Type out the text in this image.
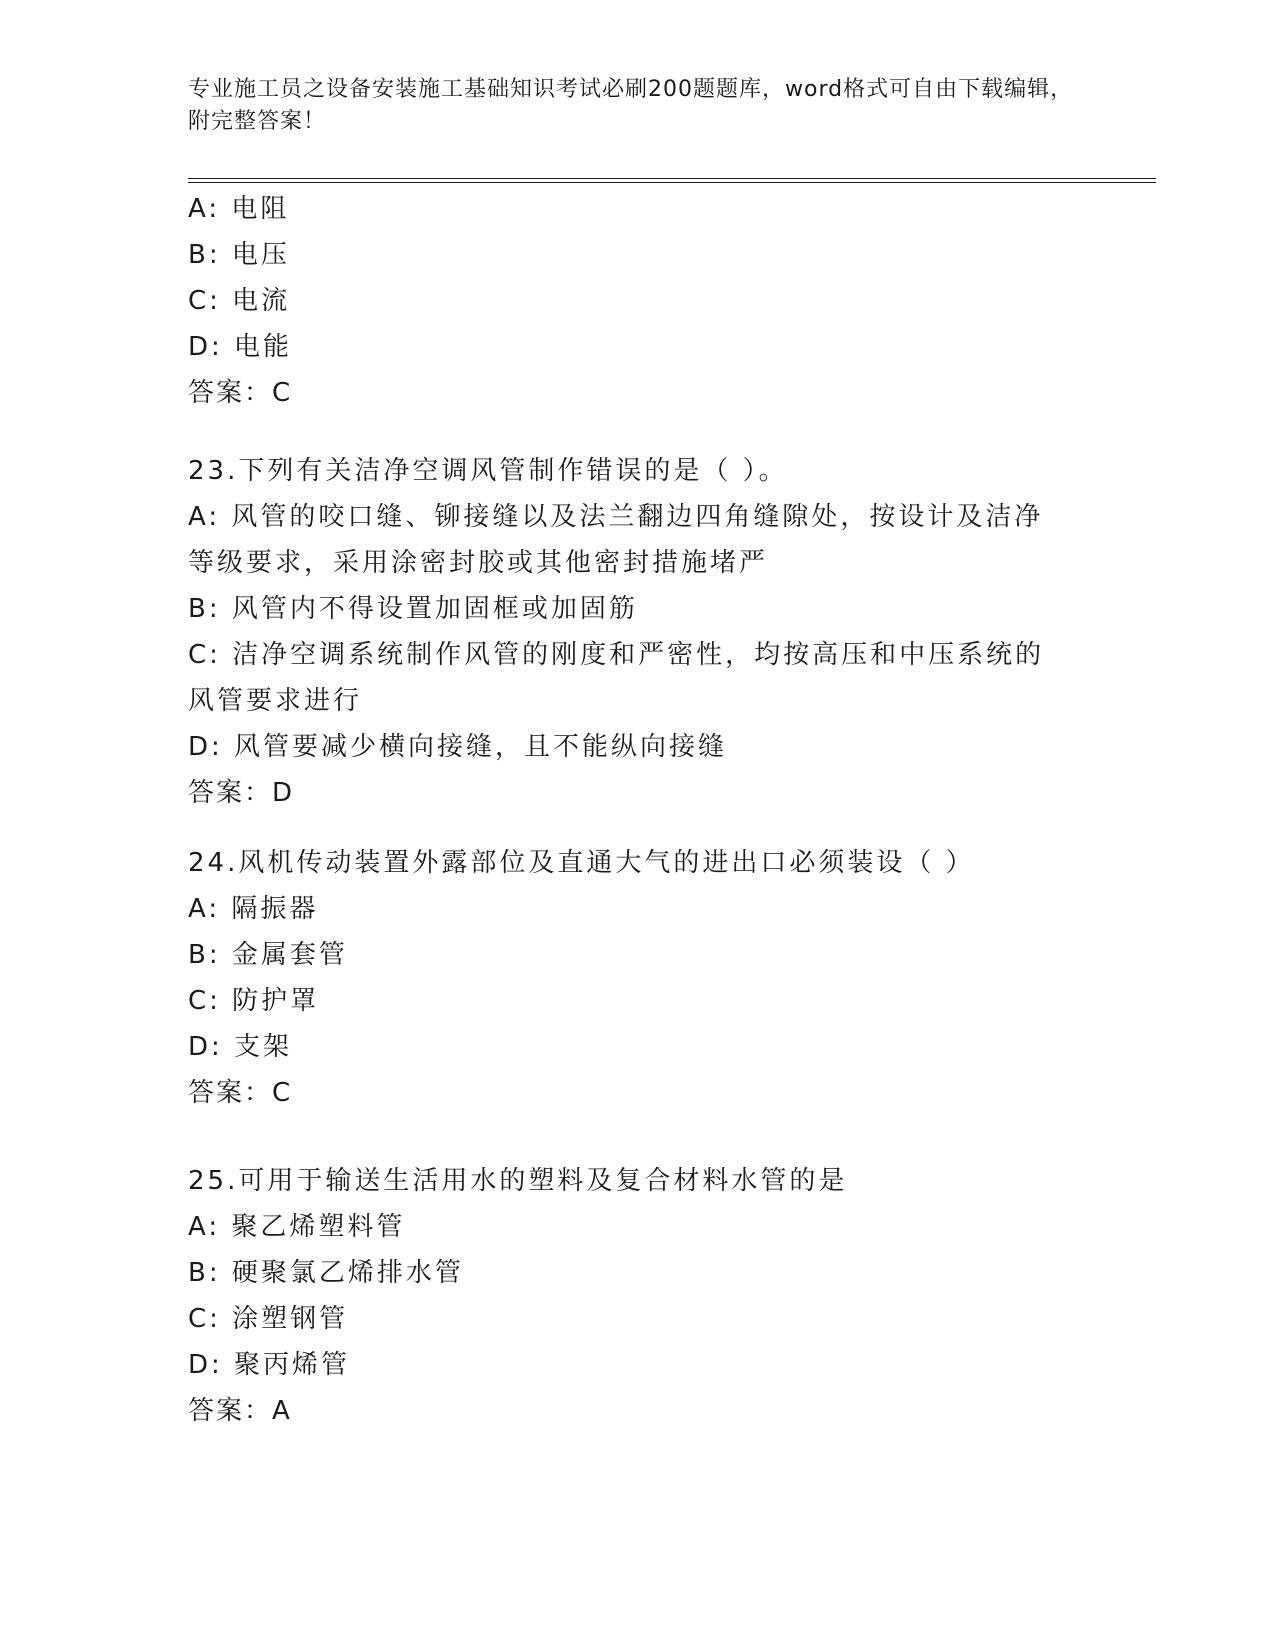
专业施工员之设备安装施工基础知识考试必刷200题题库，word格式可自由下载编辑，附完整答案！
A: 电阻
B: 电压
C: 电流
D: 电能
答案：C
23.下列有关洁净空调风管制作错误的是（ ）。
A: 风管的咬口缝、铆接缝以及法兰翻边四角缝隙处，按设计及洁净等级要求，采用涂密封胶或其他密封措施堵严
B: 风管内不得设置加固框或加固筋
C: 洁净空调系统制作风管的刚度和严密性，均按高压和中压系统的风管要求进行
D: 风管要减少横向接缝，且不能纵向接缝
答案：D
24.风机传动装置外露部位及直通大气的进出口必须装设（ ）
A: 隔振器
B: 金属套管
C: 防护罩
D: 支架
答案：C
25.可用于输送生活用水的塑料及复合材料水管的是
A: 聚乙烯塑料管
B: 硬聚氯乙烯排水管
C: 涂塑钢管
D: 聚丙烯管
答案：A
